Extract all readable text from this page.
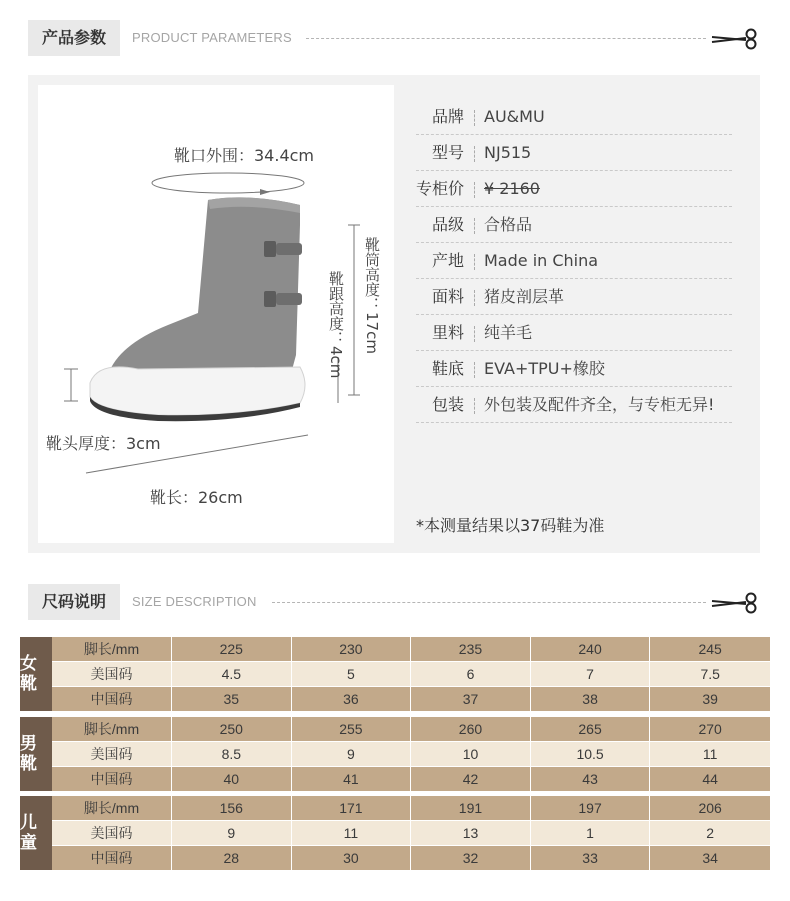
产品参数	PRODUCT PARAMETERS
靴口外围：34.4cm
靴筒高度：17cm
靴跟高度：4cm
靴头厚度：3cm
靴长：26cm
品牌 AU&MU
型号 NJ515
专柜价 ¥ 2160
品级 合格品
产地 Made in China
面料 猪皮剖层革
里料 纯羊毛
鞋底 EVA+TPU+橡胶
包装 外包装及配件齐全，与专柜无异!
*本测量结果以37码鞋为准
尺码说明	SIZE DESCRIPTION
女靴
脚长/mm	225	230	235	240	245
美国码	4.5	5	6	7	7.5
中国码	35	36	37	38	39
男靴
脚长/mm	250	255	260	265	270
美国码	8.5	9	10	10.5	11
中国码	40	41	42	43	44
儿童
脚长/mm	156	171	191	197	206
美国码	9	11	13	1	2
中国码	28	30	32	33	34
